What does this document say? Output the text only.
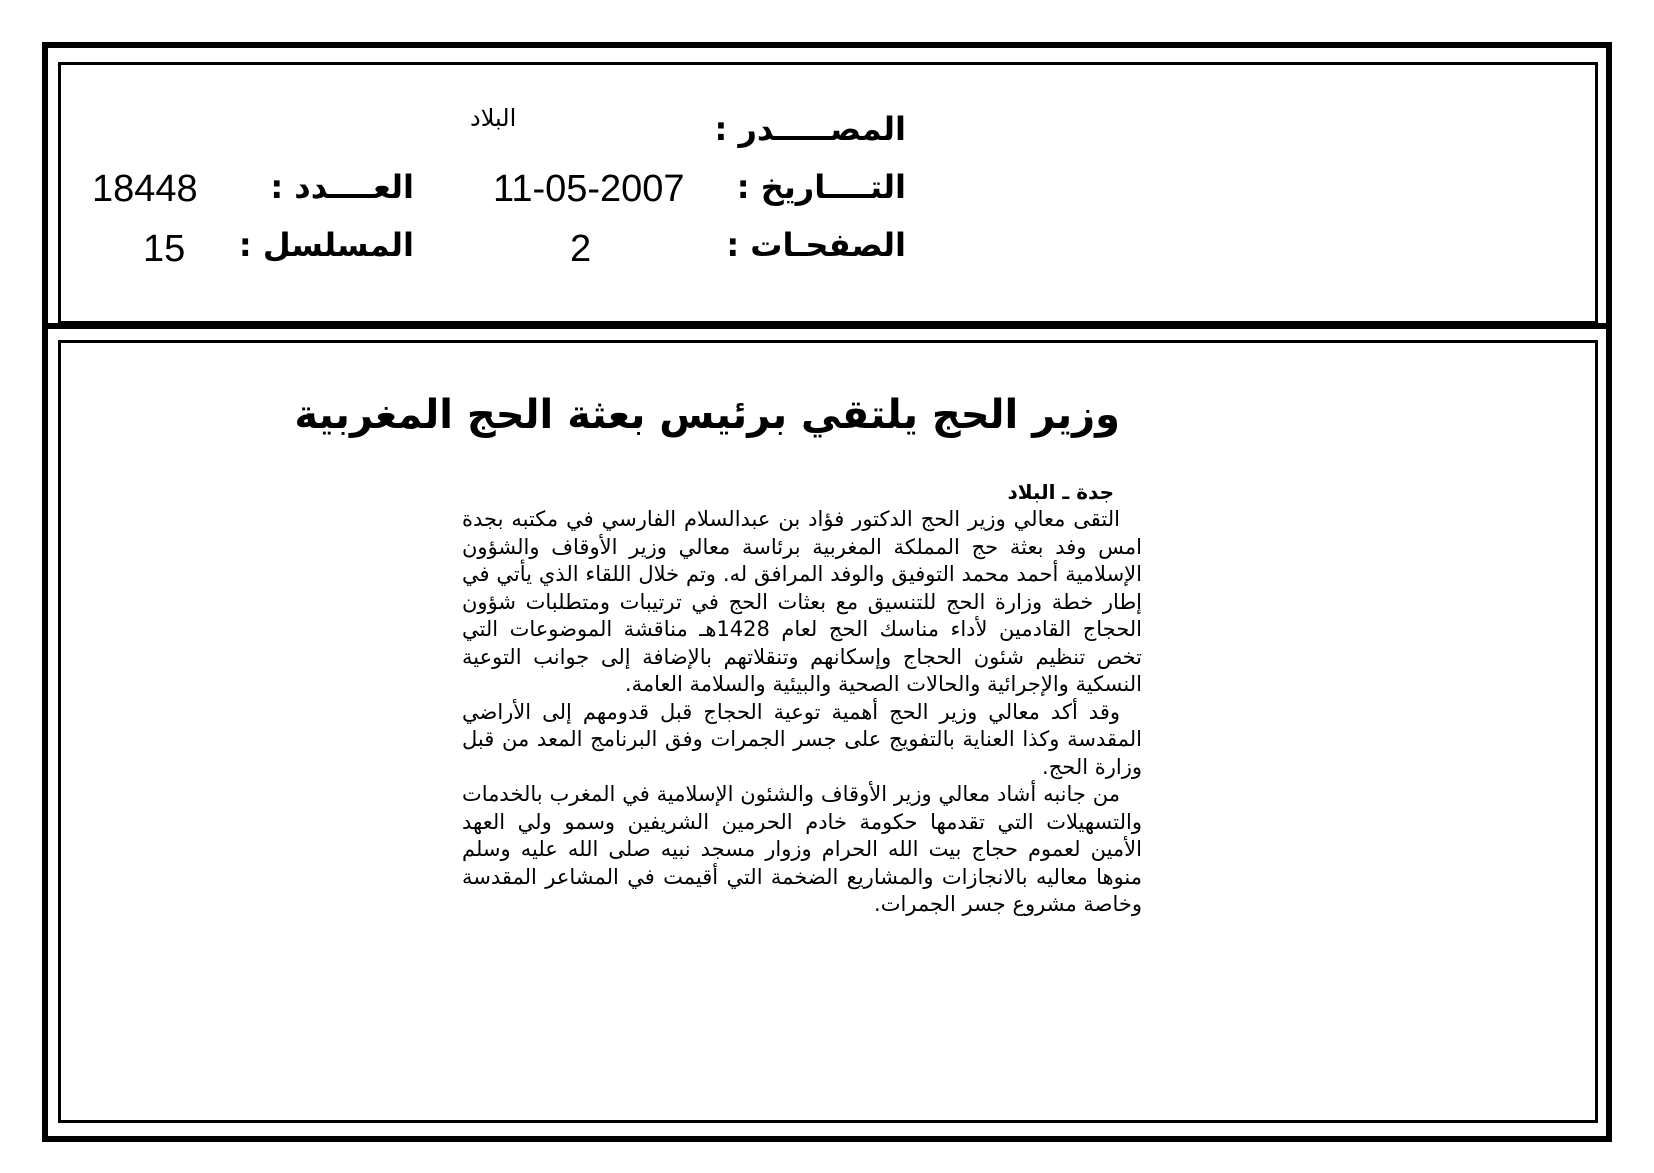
المصـــــدر :
البلاد
التــــاريخ :
11-05-2007
الصفحـات :
2
العــــدد :
18448
المسلسل :
15
وزير الحج يلتقي برئيس بعثة الحج المغربية
جدة ـ البلاد

التقى معالي وزير الحج الدكتور فؤاد بن عبدالسلام الفارسي في مكتبه بجدة امس وفد بعثة حج المملكة المغربية برئاسة معالي وزير الأوقاف والشؤون الإسلامية أحمد محمد التوفيق والوفد المرافق له. وتم خلال اللقاء الذي يأتي في إطار خطة وزارة الحج للتنسيق مع بعثات الحج في ترتيبات ومتطلبات شؤون الحجاج القادمين لأداء مناسك الحج لعام 1428هـ مناقشة الموضوعات التي تخص تنظيم شئون الحجاج وإسكانهم وتنقلاتهم بالإضافة إلى جوانب التوعية النسكية والإجرائية والحالات الصحية والبيئية والسلامة العامة.

وقد أكد معالي وزير الحج أهمية توعية الحجاج قبل قدومهم إلى الأراضي المقدسة وكذا العناية بالتفويج على جسر الجمرات وفق البرنامج المعد من قبل وزارة الحج.

من جانبه أشاد معالي وزير الأوقاف والشئون الإسلامية في المغرب بالخدمات والتسهيلات التي تقدمها حكومة خادم الحرمين الشريفين وسمو ولي العهد الأمين لعموم حجاج بيت الله الحرام وزوار مسجد نبيه صلى الله عليه وسلم منوها معاليه بالانجازات والمشاريع الضخمة التي أقيمت في المشاعر المقدسة وخاصة مشروع جسر الجمرات.
